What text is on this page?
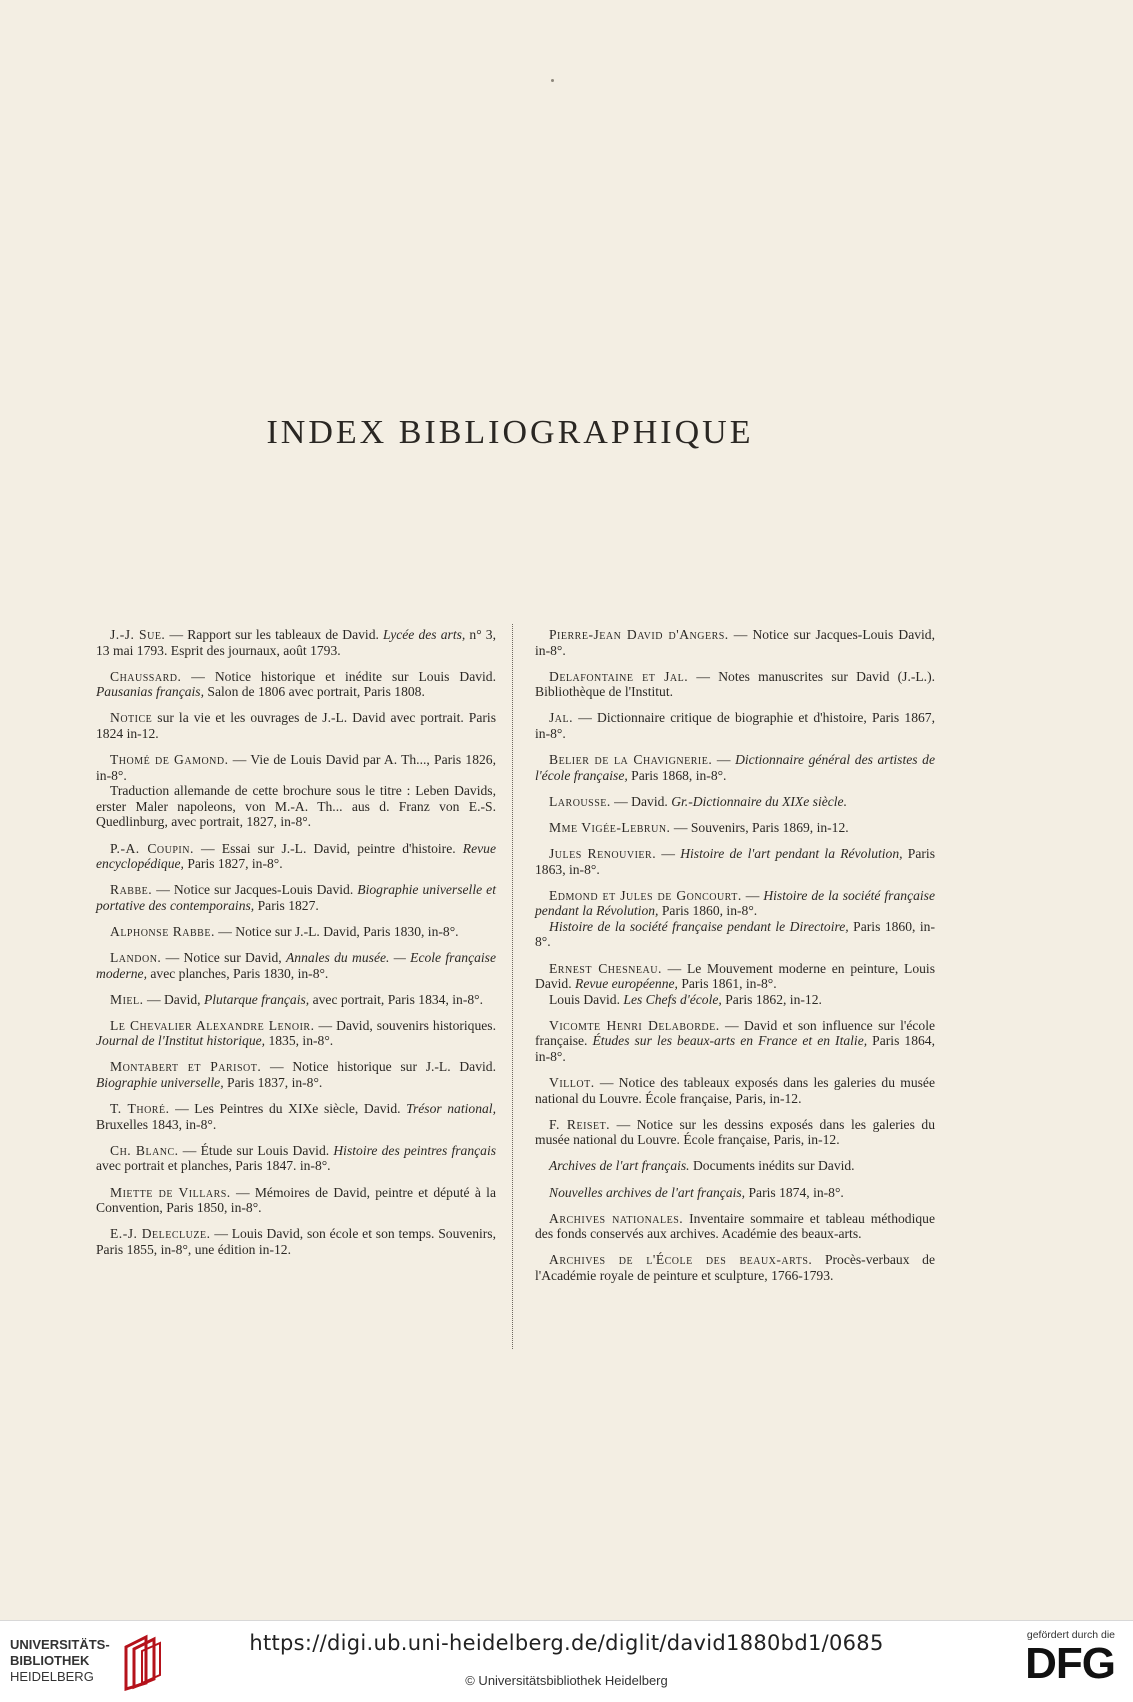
INDEX BIBLIOGRAPHIQUE

J.-J. Sue. — Rapport sur les tableaux de David. Lycée des arts, n° 3, 13 mai 1793. Esprit des journaux, août 1793.

Chaussard. — Notice historique et inédite sur Louis David. Pausanias français, Salon de 1806 avec portrait, Paris 1808.

Notice sur la vie et les ouvrages de J.-L. David avec portrait. Paris 1824 in-12.

Thomé de Gamond. — Vie de Louis David par A. Th..., Paris 1826, in-8°.

Traduction allemande de cette brochure sous le titre : Leben Davids, erster Maler napoleons, von M.-A. Th... aus d. Franz von E.-S. Quedlinburg, avec portrait, 1827, in-8°.

P.-A. Coupin. — Essai sur J.-L. David, peintre d'histoire. Revue encyclopédique, Paris 1827, in-8°.

Rabbe. — Notice sur Jacques-Louis David. Biographie universelle et portative des contemporains, Paris 1827.

Alphonse Rabbe. — Notice sur J.-L. David, Paris 1830, in-8°.

Landon. — Notice sur David, Annales du musée. — Ecole française moderne, avec planches, Paris 1830, in-8°.

Miel. — David, Plutarque français, avec portrait, Paris 1834, in-8°.

Le Chevalier Alexandre Lenoir. — David, souvenirs historiques. Journal de l'Institut historique, 1835, in-8°.

Montabert et Parisot. — Notice historique sur J.-L. David. Biographie universelle, Paris 1837, in-8°.

T. Thoré. — Les Peintres du XIXe siècle, David. Trésor national, Bruxelles 1843, in-8°.

Ch. Blanc. — Étude sur Louis David. Histoire des peintres français avec portrait et planches, Paris 1847. in-8°.

Miette de Villars. — Mémoires de David, peintre et député à la Convention, Paris 1850, in-8°.

E.-J. Delecluze. — Louis David, son école et son temps. Souvenirs, Paris 1855, in-8°, une édition in-12.

Pierre-Jean David d'Angers. — Notice sur Jacques-Louis David, in-8°.

Delafontaine et Jal. — Notes manuscrites sur David (J.-L.). Bibliothèque de l'Institut.

Jal. — Dictionnaire critique de biographie et d'histoire, Paris 1867, in-8°.

Belier de la Chavignerie. — Dictionnaire général des artistes de l'école française, Paris 1868, in-8°.

Larousse. — David. Gr.-Dictionnaire du XIXe siècle.

Mme Vigée-Lebrun. — Souvenirs, Paris 1869, in-12.

Jules Renouvier. — Histoire de l'art pendant la Révolution, Paris 1863, in-8°.

Edmond et Jules de Goncourt. — Histoire de la société française pendant la Révolution, Paris 1860, in-8°.

Histoire de la société française pendant le Directoire, Paris 1860, in-8°.

Ernest Chesneau. — Le Mouvement moderne en peinture, Louis David. Revue européenne, Paris 1861, in-8°.

Louis David. Les Chefs d'école, Paris 1862, in-12.

Vicomte Henri Delaborde. — David et son influence sur l'école française. Études sur les beaux-arts en France et en Italie, Paris 1864, in-8°.

Villot. — Notice des tableaux exposés dans les galeries du musée national du Louvre. École française, Paris, in-12.

F. Reiset. — Notice sur les dessins exposés dans les galeries du musée national du Louvre. École française, Paris, in-12.

Archives de l'art français. Documents inédits sur David.

Nouvelles archives de l'art français, Paris 1874, in-8°.

Archives nationales. Inventaire sommaire et tableau méthodique des fonds conservés aux archives. Académie des beaux-arts.

Archives de l'École des beaux-arts. Procès-verbaux de l'Académie royale de peinture et sculpture, 1766-1793.

UNIVERSITÄTS-
BIBLIOTHEK
HEIDELBERG
https://digi.ub.uni-heidelberg.de/diglit/david1880bd1/0685
© Universitätsbibliothek Heidelberg
gefördert durch die
DFG
